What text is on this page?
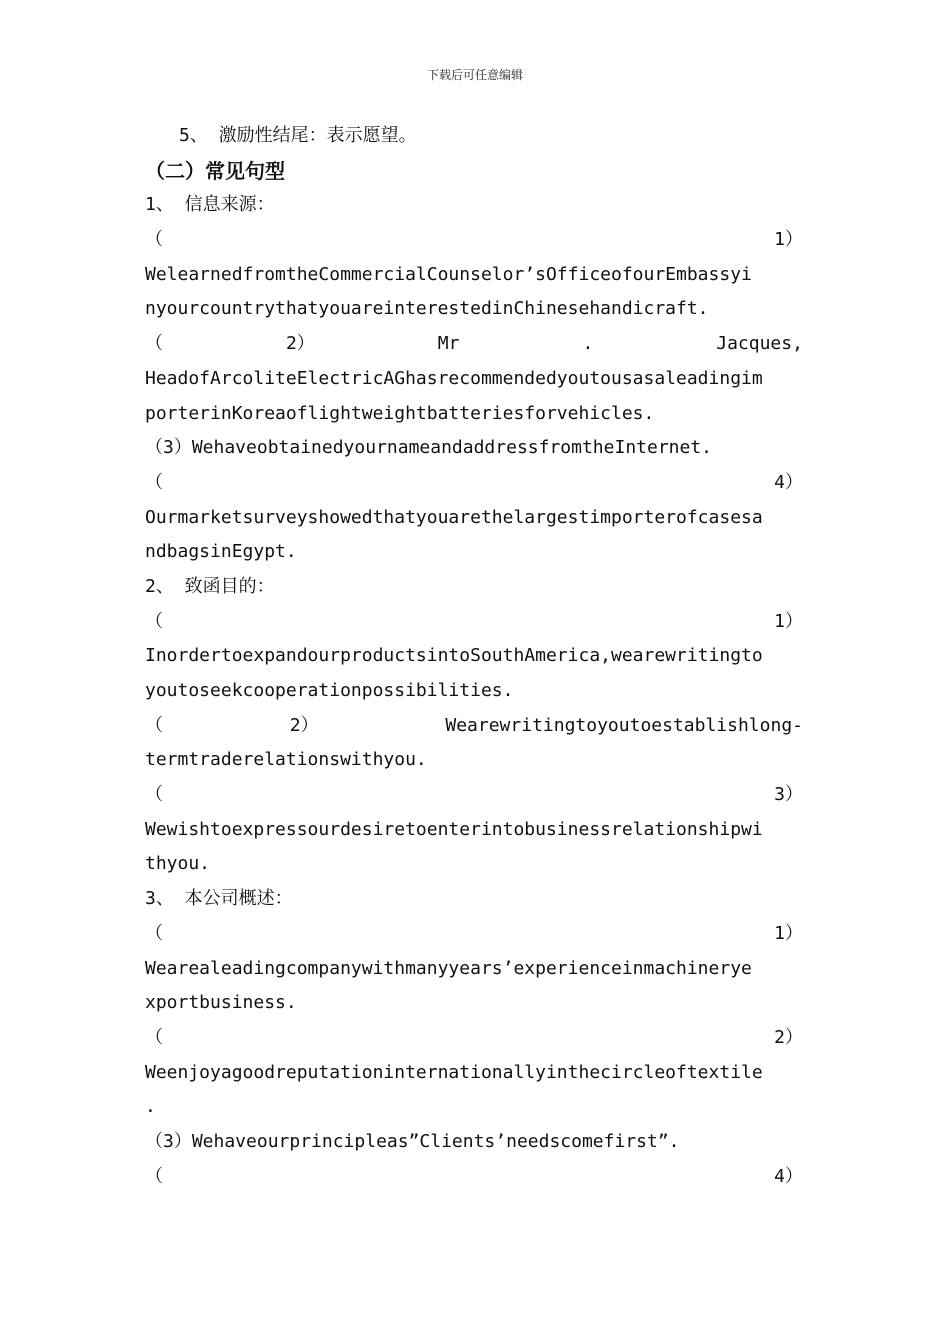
下载后可任意编辑
5、 激励性结尾：表示愿望。
（二）常见句型
1、 信息来源：
（	1）
WelearnedfromtheCommercialCounselor’sOfficeofourEmbassyi
nyourcountrythatyouareinterestedinChinesehandicraft.
（	2）	Mr	.	Jacques,
HeadofArcoliteElectricAGhasrecommendedyoutousasaleadingim
porterinKoreaoflightweightbatteriesforvehicles.
（3）WehaveobtainedyournameandaddressfromtheInternet.
（	4）
Ourmarketsurveyshowedthatyouarethelargestimporterofcasesa
ndbagsinEgypt.
2、 致函目的：
（	1）
InordertoexpandourproductsintoSouthAmerica,wearewritingto
youtoseekcooperationpossibilities.
（	2）	Wearewritingtoyoutoestablishlong-
termtraderelationswithyou.
（	3）
Wewishtoexpressourdesiretoenterintobusinessrelationshipwi
thyou.
3、 本公司概述：
（	1）
Wearealeadingcompanywithmanyyears’experienceinmachinerye
xportbusiness.
（	2）
Weenjoyagoodreputationinternationallyinthecircleoftextile
.
（3）Wehaveourprincipleas”Clients’needscomefirst”.
（	4）
